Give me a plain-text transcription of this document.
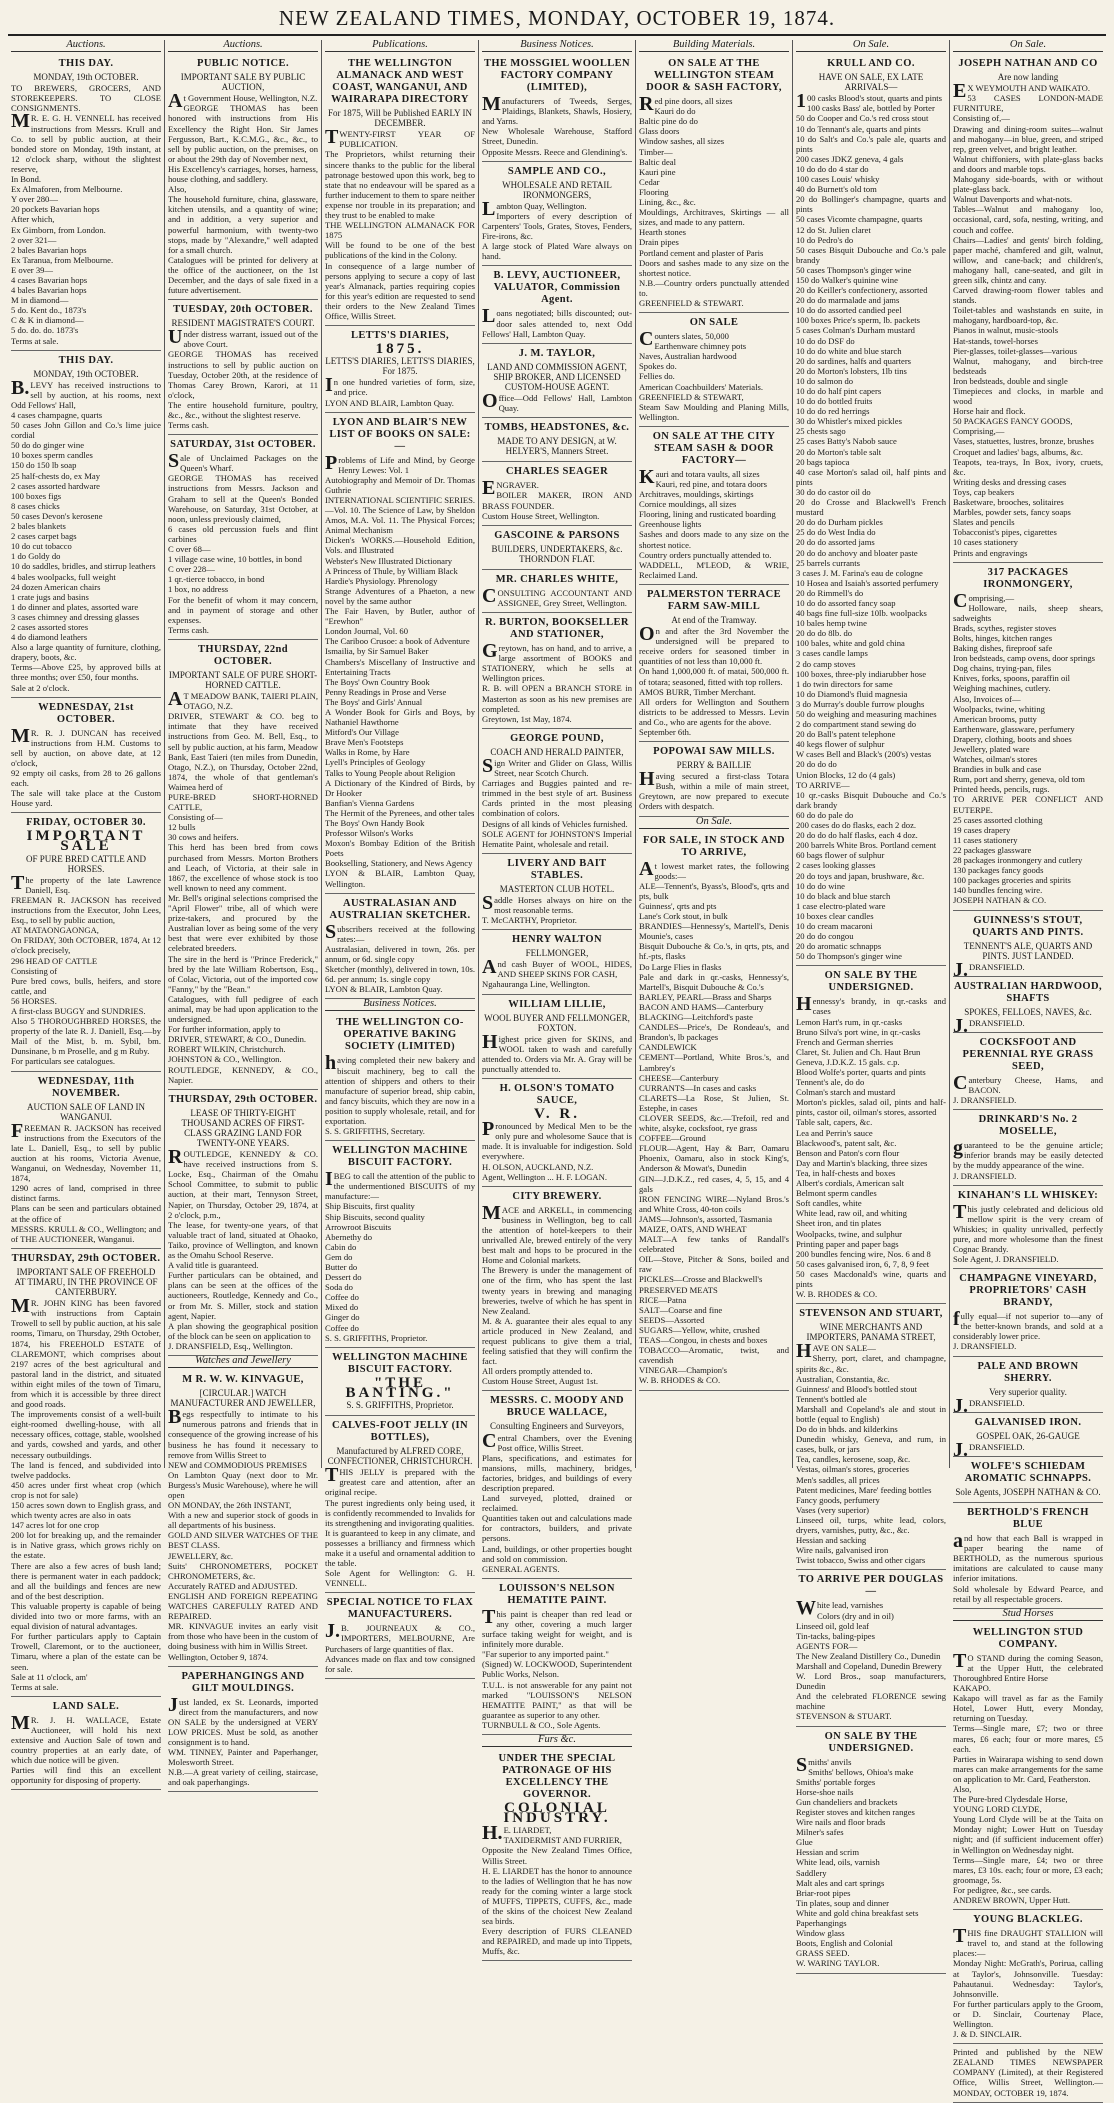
NEW ZEALAND TIMES, MONDAY, OCTOBER 19, 1874.
Auctions.
THIS DAY.
MONDAY, 19th OCTOBER.
TO BREWERS, GROCERS, AND STOREKEEPERS. TO CLOSE CONSIGNMENTS.
MR. E. G. H. VENNELL has received instructions from Messrs. Krull and Co. to sell by public auction, at their bonded store on Monday, 19th instant, at 12 o'clock sharp, without the slightest reserve,
In Bond.
Ex Almaforen, from Melbourne.
Y over 280—
20 pockets Bavarian hops
After which,
Ex Gimborn, from London.
2 over 321—
2 bales Bavarian hops
Ex Taranua, from Melbourne.
E over 39—
4 cases Bavarian hops
4 bales Bavarian hops
M in diamond—
5 do. Kent do., 1873's
C & K in diamond—
5 do. do. do. 1873's
Terms at sale.
THIS DAY.
MONDAY, 19th OCTOBER.
B.LEVY has received instructions to sell by auction, at his rooms, next Odd Fellows' Hall,
4 cases champagne, quarts
50 cases John Gillon and Co.'s lime juice cordial
50 do do ginger wine
10 boxes sperm candles
150 do 150 lb soap
25 half-chests do, ex May
2 cases assorted hardware
100 boxes figs
8 cases chicks
50 cases Devon's kerosene
2 bales blankets
2 cases carpet bags
10 do cut tobacco
1 do Goldy do
10 do saddles, bridles, and stirrup leathers
4 bales woolpacks, full weight
24 dozen American chairs
1 crate jugs and basins
1 do dinner and plates, assorted ware
3 cases chimney and dressing glasses
2 cases assorted stores
4 do diamond leathers
Also a large quantity of furniture, clothing, drapery, boots, &c.
Terms—Above £25, by approved bills at three months; over £50, four months.
Sale at 2 o'clock.
WEDNESDAY, 21st OCTOBER.
MR. R. J. DUNCAN has received instructions from H.M. Customs to sell by auction, on above date, at 12 o'clock,
92 empty oil casks, from 28 to 26 gallons each.
The sale will take place at the Custom House yard.
FRIDAY, OCTOBER 30.
IMPORTANT SALE
OF PURE BRED CATTLE AND HORSES.
The property of the late Lawrence Daniell, Esq.
FREEMAN R. JACKSON has received instructions from the Executor, John Lees, Esq., to sell by public auction,
AT MATAONGAONGA,
On FRIDAY, 30th OCTOBER, 1874, At 12 o'clock precisely,
296 HEAD OF CATTLE
Consisting of
Pure bred cows, bulls, heifers, and store cattle, and
56 HORSES.
A first-class BUGGY and SUNDRIES.
Also 5 THOROUGHBRED HORSES, the property of the late R. J. Daniell, Esq.—by Mail of the Mist, b. m. Sybil, bm. Dunsinane, b m Proselle, and g m Ruby.
For particulars see catalogues.
WEDNESDAY, 11th NOVEMBER.
AUCTION SALE OF LAND IN WANGANUI.
FREEMAN R. JACKSON has received instructions from the Executors of the late L. Daniell, Esq., to sell by public auction at his rooms, Victoria Avenue, Wanganui, on Wednesday, November 11, 1874,
1290 acres of land, comprised in three distinct farms.
Plans can be seen and particulars obtained at the office of
MESSRS. KRULL & CO., Wellington; and of THE AUCTIONEER, Wanganui.
THURSDAY, 29th OCTOBER.
IMPORTANT SALE OF FREEHOLD AT TIMARU, IN THE PROVINCE OF CANTERBURY.
MR. JOHN KING has been favored with instructions from Captain Trowell to sell by public auction, at his sale rooms, Timaru, on Thursday, 29th October, 1874, his FREEHOLD ESTATE of CLAREMONT, which comprises about 2197 acres of the best agricultural and pastoral land in the district, and situated within eight miles of the town of Timaru, from which it is accessible by three direct and good roads.
The improvements consist of a well-built eight-roomed dwelling-house, with all necessary offices, cottage, stable, woolshed and yards, cowshed and yards, and other necessary outbuildings.
The land is fenced, and subdivided into twelve paddocks.
450 acres under first wheat crop (which crop is not for sale)
150 acres sown down to English grass, and which twenty acres are also in oats
147 acres lot for one crop
200 lot for breaking up, and the remainder is in Native grass, which grows richly on the estate.
There are also a few acres of bush land; there is permanent water in each paddock; and all the buildings and fences are new and of the best description.
This valuable property is capable of being divided into two or more farms, with an equal division of natural advantages.
For further particulars apply to Captain Trowell, Claremont, or to the auctioneer, Timaru, where a plan of the estate can be seen.
Sale at 11 o'clock, am'
Terms at sale.
LAND SALE.
MR. J. H. WALLACE, Estate Auctioneer, will hold his next extensive and Auction Sale of town and country properties at an early date, of which due notice will be given.
Parties will find this an excellent opportunity for disposing of property.
Auctions.
PUBLIC NOTICE.
IMPORTANT SALE BY PUBLIC AUCTION,
At Government House, Wellington, N.Z.
GEORGE THOMAS has been honored with instructions from His Excellency the Right Hon. Sir James Fergusson, Bart., K.C.M.G., &c., &c., to sell by public auction, on the premises, on or about the 29th day of November next,
His Excellency's carriages, horses, harness, house clothing, and saddlery.
Also,
The household furniture, china, glassware, kitchen utensils, and a quantity of wine; and in addition, a very superior and powerful harmonium, with twenty-two stops, made by "Alexandre," well adapted for a small church.
Catalogues will be printed for delivery at the office of the auctioneer, on the 1st December, and the days of sale fixed in a future advertisement.
TUESDAY, 20th OCTOBER.
RESIDENT MAGISTRATE'S COURT.
Under distress warrant, issued out of the above Court.
GEORGE THOMAS has received instructions to sell by public auction on Tuesday, October 20th, at the residence of Thomas Carey Brown, Karori, at 11 o'clock,
The entire household furniture, poultry, &c., &c., without the slightest reserve.
Terms cash.
SATURDAY, 31st OCTOBER.
Sale of Unclaimed Packages on the Queen's Wharf.
GEORGE THOMAS has received instructions from Messrs. Jackson and Graham to sell at the Queen's Bonded Warehouse, on Saturday, 31st October, at noon, unless previously claimed,
6 cases old percussion fuels and flint carbines
C over 68—
1 village case wine, 10 bottles, in bond
C over 228—
1 qr.-tierce tobacco, in bond
1 box, no address
For the benefit of whom it may concern, and in payment of storage and other expenses.
Terms cash.
THURSDAY, 22nd OCTOBER.
IMPORTANT SALE OF PURE SHORT-HORNED CATTLE.
AT MEADOW BANK, TAIERI PLAIN, OTAGO, N.Z.
DRIVER, STEWART & CO. beg to intimate that they have received instructions from Geo. M. Bell, Esq., to sell by public auction, at his farm, Meadow Bank, East Taieri (ten miles from Dunedin, Otago, N.Z.), on Thursday, October 22nd, 1874, the whole of that gentleman's Waimea herd of
PURE-BRED SHORT-HORNED CATTLE,
Consisting of—
12 bulls
30 cows and heifers.
This herd has been bred from cows purchased from Messrs. Morton Brothers and Leach, of Victoria, at their sale in 1867, the excellence of whose stock is too well known to need any comment.
Mr. Bell's original selections comprised the "April Flower" tribe, all of which were prize-takers, and procured by the Australian lover as being some of the very best that were ever exhibited by those celebrated breeders.
The sire in the herd is "Prince Frederick," bred by the late William Robertson, Esq., of Colac, Victoria, out of the imported cow "Fanny," by the "Bean."
Catalogues, with full pedigree of each animal, may be had upon application to the undersigned.
For further information, apply to
DRIVER, STEWART, & CO., Dunedin.
ROBERT WILKIN, Christchurch.
JOHNSTON & CO., Wellington.
ROUTLEDGE, KENNEDY, & CO., Napier.
THURSDAY, 29th OCTOBER.
LEASE OF THIRTY-EIGHT THOUSAND ACRES OF FIRST-CLASS GRAZING LAND FOR TWENTY-ONE YEARS.
ROUTLEDGE, KENNEDY & CO. have received instructions from S. Locke, Esq., Chairman of the Omahu School Committee, to submit to public auction, at their mart, Tennyson Street, Napier, on Thursday, October 29, 1874, at 2 o'clock, p.m.,
The lease, for twenty-one years, of that valuable tract of land, situated at Ohaoko, Taiko, province of Wellington, and known as the Omahu School Reserve.
A valid title is guaranteed.
Further particulars can be obtained, and plans can be seen at the offices of the auctioneers, Routledge, Kennedy and Co., or from Mr. S. Miller, stock and station agent, Napier.
A plan showing the geographical position of the block can be seen on application to
J. DRANSFIELD, Esq., Wellington.
Watches and Jewellery
M R. W. W. KINVAGUE,
[CIRCULAR.] WATCH MANUFACTURER AND JEWELLER,
Begs respectfully to intimate to his numerous patrons and friends that in consequence of the growing increase of his business he has found it necessary to remove from Willis Street to
NEW and COMMODIOUS PREMISES
On Lambton Quay (next door to Mr. Burgess's Music Warehouse), where he will open
ON MONDAY, the 26th INSTANT,
With a new and superior stock of goods in all departments of his business.
GOLD AND SILVER WATCHES OF THE BEST CLASS.
JEWELLERY, &c.
Suits' CHRONOMETERS, POCKET CHRONOMETERS, &c.
Accurately RATED and ADJUSTED.
ENGLISH AND FOREIGN REPEATING WATCHES CAREFULLY RATED AND REPAIRED.
MR. KINVAGUE invites an early visit from those who have been in the custom of doing business with him in Willis Street.
Wellington, October 9, 1874.
PAPERHANGINGS AND GILT MOULDINGS.
Just landed, ex St. Leonards, imported direct from the manufacturers, and now ON SALE by the undersigned at VERY LOW PRICES. Must be sold, as another consignment is to hand.
WM. TINNEY, Painter and Paperhanger, Molesworth Street.
N.B.—A great variety of ceiling, staircase, and oak paperhangings.
Publications.
THE WELLINGTON ALMANACK AND WEST COAST, WANGANUI, AND WAIRARAPA DIRECTORY
For 1875, Will be Published EARLY IN DECEMBER.
TWENTY-FIRST YEAR OF PUBLICATION.
The Proprietors, whilst returning their sincere thanks to the public for the liberal patronage bestowed upon this work, beg to state that no endeavour will be spared as a further inducement to them to spare neither expense nor trouble in its preparation; and they trust to be enabled to make
THE WELLINGTON ALMANACK FOR 1875
Will be found to be one of the best publications of the kind in the Colony.
In consequence of a large number of persons applying to secure a copy of last year's Almanack, parties requiring copies for this year's edition are requested to send their orders to the New Zealand Times Office, Willis Street.
LETTS'S DIARIES,
1875.
LETTS'S DIARIES, LETTS'S DIARIES, For 1875.
In one hundred varieties of form, size, and price.
LYON AND BLAIR, Lambton Quay.
LYON AND BLAIR'S NEW LIST OF BOOKS ON SALE:—
Problems of Life and Mind, by George Henry Lewes: Vol. 1
Autobiography and Memoir of Dr. Thomas Guthrie
INTERNATIONAL SCIENTIFIC SERIES.—Vol. 10. The Science of Law, by Sheldon Amos, M.A. Vol. 11. The Physical Forces; Animal Mechanism
Dicken's WORKS.—Household Edition, Vols. and Illustrated
Webster's New Illustrated Dictionary
A Princess of Thule, by William Black
Hardie's Physiology. Phrenology
Strange Adventures of a Phaeton, a new novel by the same author
The Fair Haven, by Butler, author of "Erewhon"
London Journal, Vol. 60
The Cariboo Crusoe: a book of Adventure
Ismailia, by Sir Samuel Baker
Chambers's Miscellany of Instructive and Entertaining Tracts
The Boys' Own Country Book
Penny Readings in Prose and Verse
The Boys' and Girls' Annual
A Wonder Book for Girls and Boys, by Nathaniel Hawthorne
Mitford's Our Village
Brave Men's Footsteps
Walks in Rome, by Hare
Lyell's Principles of Geology
Talks to Young People about Religion
A Dictionary of the Kindred of Birds, by Dr Hooker
Banfian's Vienna Gardens
The Hermit of the Pyrenees, and other tales
The Boys' Own Handy Book
Professor Wilson's Works
Moxon's Bombay Edition of the British Poets
Bookselling, Stationery, and News Agency
LYON & BLAIR, Lambton Quay, Wellington.
AUSTRALASIAN AND AUSTRALIAN SKETCHER.
Subscribers received at the following rates:—
Australasian, delivered in town, 26s. per annum, or 6d. single copy
Sketcher (monthly), delivered in town, 10s. 6d. per annum; 1s. single copy
LYON & BLAIR, Lambton Quay.
Business Notices.
THE WELLINGTON CO-OPERATIVE BAKING SOCIETY (LIMITED)
having completed their new bakery and biscuit machinery, beg to call the attention of shippers and others to their manufacture of superior bread, ship cabin, and fancy biscuits, which they are now in a position to supply wholesale, retail, and for exportation.
S. S. GRIFFITHS, Secretary.
WELLINGTON MACHINE BISCUIT FACTORY.
IBEG to call the attention of the public to the undermentioned BISCUITS of my manufacture:—
Ship Biscuits, first quality
Ship Biscuits, second quality
Arrowroot Biscuits
Abernethy do
Cabin do
Gem do
Butter do
Dessert do
Soda do
Coffee do
Mixed do
Ginger do
Coffee do
S. S. GRIFFITHS, Proprietor.
WELLINGTON MACHINE BISCUIT FACTORY.
"THE BANTING."
S. S. GRIFFITHS, Proprietor.
CALVES-FOOT JELLY (IN BOTTLES),
Manufactured by ALFRED CORE, CONFECTIONER, CHRISTCHURCH.
THIS JELLY is prepared with the greatest care and attention, after an original recipe.
The purest ingredients only being used, it is confidently recommended to Invalids for its strengthening and invigorating qualities.
It is guaranteed to keep in any climate, and possesses a brilliancy and firmness which make it a useful and ornamental addition to the table.
Sole Agent for Wellington: G. H. VENNELL.
SPECIAL NOTICE TO FLAX MANUFACTURERS.
J.B. JOURNEAUX & CO., IMPORTERS, MELBOURNE, Are Purchasers of large quantities of flax.
Advances made on flax and tow consigned for sale.
Business Notices.
THE MOSSGIEL WOOLLEN FACTORY COMPANY (LIMITED),
Manufacturers of Tweeds, Serges, Plaidings, Blankets, Shawls, Hosiery, and Yarns.
New Wholesale Warehouse, Stafford Street, Dunedin.
Opposite Messrs. Reece and Glendining's.
SAMPLE AND CO.,
WHOLESALE AND RETAIL IRONMONGERS,
Lambton Quay, Wellington.
Importers of every description of Carpenters' Tools, Grates, Stoves, Fenders, Fire-irons, &c.
A large stock of Plated Ware always on hand.
B. LEVY, AUCTIONEER, VALUATOR, Commission Agent.
Loans negotiated; bills discounted; out-door sales attended to, next Odd Fellows' Hall, Lambton Quay.
J. M. TAYLOR,
LAND AND COMMISSION AGENT, SHIP BROKER, AND LICENSED CUSTOM-HOUSE AGENT.
Office—Odd Fellows' Hall, Lambton Quay.
TOMBS, HEADSTONES, &c.
MADE TO ANY DESIGN, at W. HELYER'S, Manners Street.
CHARLES SEAGER
ENGRAVER.
BOILER MAKER, IRON AND BRASS FOUNDER.
Custom House Street, Wellington.
GASCOINE & PARSONS
BUILDERS, UNDERTAKERS, &c. THORNDON FLAT.
MR. CHARLES WHITE,
CONSULTING ACCOUNTANT AND ASSIGNEE, Grey Street, Wellington.
R. BURTON, BOOKSELLER AND STATIONER,
Greytown, has on hand, and to arrive, a large assortment of BOOKS and STATIONERY, which he sells at Wellington prices.
R. B. will OPEN a BRANCH STORE in Masterton as soon as his new premises are completed.
Greytown, 1st May, 1874.
GEORGE POUND,
COACH AND HERALD PAINTER,
Sign Writer and Glider on Glass, Willis Street, near Scotch Church.
Carriages and Buggies painted and re-trimmed in the best style of art. Business Cards printed in the most pleasing combination of colors.
Designs of all kinds of Vehicles furnished.
SOLE AGENT for JOHNSTON'S Imperial Hematite Paint, wholesale and retail.
LIVERY AND BAIT STABLES.
MASTERTON CLUB HOTEL.
Saddle Horses always on hire on the most reasonable terms.
T. McCARTHY, Proprietor.
HENRY WALTON
FELLMONGER,
And cash Buyer of WOOL, HIDES, AND SHEEP SKINS FOR CASH,
Ngahauranga Line, Wellington.
WILLIAM LILLIE,
WOOL BUYER AND FELLMONGER, FOXTON.
Highest price given for SKINS, and WOOL taken to wash and carefully attended to. Orders via Mr. A. Gray will be punctually attended to.
H. OLSON'S TOMATO SAUCE,
V. R.
Pronounced by Medical Men to be the only pure and wholesome Sauce that is made. It is invaluable for indigestion. Sold everywhere.
H. OLSON, AUCKLAND, N.Z.
Agent, Wellington ... H. F. LOGAN.
CITY BREWERY.
MACE and ARKELL, in commencing business in Wellington, beg to call the attention of hotel-keepers to their unrivalled Ale, brewed entirely of the very best malt and hops to be procured in the Home and Colonial markets.
The Brewery is under the management of one of the firm, who has spent the last twenty years in brewing and managing breweries, twelve of which he has spent in New Zealand.
M. & A. guarantee their ales equal to any article produced in New Zealand, and request publicans to give them a trial, feeling satisfied that they will confirm the fact.
All orders promptly attended to.
Custom House Street, August 1st.
MESSRS. C. MOODY AND BRUCE WALLACE,
Consulting Engineers and Surveyors,
Central Chambers, over the Evening Post office, Willis Street.
Plans, specifications, and estimates for mansions, mills, machinery, bridges, factories, bridges, and buildings of every description prepared.
Land surveyed, plotted, drained or reclaimed.
Quantities taken out and calculations made for contractors, builders, and private persons.
Land, buildings, or other properties bought and sold on commission.
GENERAL AGENTS.
LOUISSON'S NELSON HEMATITE PAINT.
This paint is cheaper than red lead or any other, covering a much larger surface taking weight for weight, and is infinitely more durable.
"Far superior to any imported paint."
(Signed) W. LOCKWOOD, Superintendent Public Works, Nelson.
T.U.L. is not answerable for any paint not marked "LOUISSON'S NELSON HEMATITE PAINT," as that will be guarantee as superior to any other.
TURNBULL & CO., Sole Agents.
Furs &c.
UNDER THE SPECIAL PATRONAGE OF HIS EXCELLENCY THE GOVERNOR.
COLONIAL INDUSTRY.
H.E. LIARDET,
TAXIDERMIST AND FURRIER,
Opposite the New Zealand Times Office, Willis Street.
H. E. LIARDET has the honor to announce to the ladies of Wellington that he has now ready for the coming winter a large stock of MUFFS, TIPPETS, CUFFS, &c., made of the skins of the choicest New Zealand sea birds.
Every description of FURS CLEANED and REPAIRED, and made up into Tippets, Muffs, &c.
Building Materials.
ON SALE AT THE WELLINGTON STEAM DOOR & SASH FACTORY,
Red pine doors, all sizes
Kauri do do
Baltic pine do do
Glass doors
Window sashes, all sizes
Timber—
Baltic deal
Kauri pine
Cedar
Flooring
Lining, &c., &c.
Mouldings, Architraves, Skirtings — all sizes, and made to any pattern.
Hearth stones
Drain pipes
Portland cement and plaster of Paris
Doors and sashes made to any size on the shortest notice.
N.B.—Country orders punctually attended to.
GREENFIELD & STEWART.
ON SALE
Counters slates, 50,000
Earthenware chimney pots
Naves, Australian hardwood
Spokes do.
Fellies do.
American Coachbuilders' Materials.
GREENFIELD & STEWART,
Steam Saw Moulding and Planing Mills, Wellington.
ON SALE AT THE CITY STEAM SASH & DOOR FACTORY—
Kauri and totara vaults, all sizes
Kauri, red pine, and totara doors
Architraves, mouldings, skirtings
Cornice mouldings, all sizes
Flooring, lining and rusticated boarding
Greenhouse lights
Sashes and doors made to any size on the shortest notice.
Country orders punctually attended to.
WADDELL, M'LEOD, & WRIE, Reclaimed Land.
PALMERSTON TERRACE FARM SAW-MILL
At end of the Tramway.
On and after the 3rd November the undersigned will be prepared to receive orders for seasoned timber in quantities of not less than 10,000 ft.
On hand 1,000,000 ft. of matai, 500,000 ft. of totara; seasoned, fitted with top rollers.
AMOS BURR, Timber Merchant.
All orders for Wellington and Southern districts to be addressed to Messrs. Levin and Co., who are agents for the above.
September 6th.
POPOWAI SAW MILLS.
PERRY & BAILLIE
Having secured a first-class Totara Bush, within a mile of main street, Greytown, are now prepared to execute Orders with despatch.
On Sale.
FOR SALE, IN STOCK AND TO ARRIVE,
At lowest market rates, the following goods:—
ALE—Tennent's, Byass's, Blood's, qrts and pts, bulk
Guinness', qrts and pts
Lane's Cork stout, in bulk
BRANDIES—Hennessy's, Martell's, Denis Mounie's, cases
Bisquit Dubouche & Co.'s, in qrts, pts, and hf.-pts, flasks
Do Large Flies in flasks
Pale and dark in qr.-casks, Hennessy's, Martell's, Bisquit Dubouche & Co.'s
BARLEY, PEARL—Brass and Sharps
BACON AND HAMS—Canterbury
BLACKING—Leitchford's paste
CANDLES—Price's, De Rondeau's, and Brandon's, lb packages
CANDLEWICK
CEMENT—Portland, White Bros.'s, and Lambrey's
CHEESE—Canterbury
CURRANTS—In cases and casks
CLARETS—La Rose, St Julien, St. Estephe, in cases
CLOVER SEEDS, &c.—Trefoil, red and white, alsyke, cocksfoot, rye grass
COFFEE—Ground
FLOUR—Agent, Hay & Barr, Oamaru Phoenix, Oamaru, also in stock King's, Anderson & Mowat's, Dunedin
GIN—J.D.K.Z., red cases, 4, 5, 15, and 4 gals
IRON FENCING WIRE—Nyland Bros.'s and White Cross, 40-ton coils
JAMS—Johnson's, assorted, Tasmania
MAIZE, OATS, AND WHEAT
MALT—A few tanks of Randall's celebrated
OIL—Stove, Pitcher & Sons, boiled and raw
PICKLES—Crosse and Blackwell's
PRESERVED MEATS
RICE—Patna
SALT—Coarse and fine
SEEDS—Assorted
SUGARS—Yellow, white, crushed
TEAS—Congou, in chests and boxes
TOBACCO—Aromatic, twist, and cavendish
VINEGAR—Champion's
W. B. RHODES & CO.
On Sale.
KRULL AND CO.
HAVE ON SALE, EX LATE ARRIVALS—
100 casks Blood's stout, quarts and pints
100 casks Bass' ale, bottled by Porter
50 do Cooper and Co.'s red cross stout
10 do Tennant's ale, quarts and pints
10 do Salt's and Co.'s pale ale, quarts and pints
200 cases JDKZ geneva, 4 gals
10 do do do 4 star do
100 cases Louis' whisky
40 do Burnett's old tom
20 do Bollinger's champagne, quarts and pints
50 cases Vicomte champagne, quarts
12 do St. Julien claret
10 do Pedro's do
50 cases Bisquit Dubouche and Co.'s pale brandy
50 cases Thompson's ginger wine
150 do Walker's quinine wine
20 do Keiller's confectionery, assorted
20 do do marmalade and jams
10 do do assorted candied peel
100 boxes Price's sperm, lb. packets
5 cases Colman's Durham mustard
10 do do DSF do
10 do do white and blue starch
20 do sardines, halfs and quarters
20 do Morton's lobsters, 1lb tins
10 do salmon do
10 do do half pint capers
10 do do bottled fruits
10 do do red herrings
30 do Whistler's mixed pickles
25 chests sago
25 cases Batty's Nabob sauce
20 do Morton's table salt
20 bags tapioca
40 case Morton's salad oil, half pints and pints
30 do do castor oil do
20 do Crosse and Blackwell's French mustard
20 do do Durham pickles
25 do do West India do
20 do do assorted jams
20 do do anchovy and bloater paste
25 barrels currants
3 cases J. M. Farina's eau de cologne
10 Hosea and Isaiah's assorted perfumery
20 do Rimmell's do
10 do do assorted fancy soap
40 bags fine full-size 10lb. woolpacks
10 bales hemp twine
20 do do 8lb. do
100 bales, white and gold china
3 cases candle lamps
2 do camp stoves
100 boxes, three-ply indiarubber hose
1 do twin directors for same
10 do Diamond's fluid magnesia
3 do Murray's double furrow ploughs
50 do weighing and measuring machines
2 do compartment stand sewing do
20 do Ball's patent telephone
40 kegs flower of sulphur
W cases Bell and Black's (200's) vestas
20 do do do
Union Blocks, 12 do (4 gals)
TO ARRIVE—
10 qr.-casks Bisquit Dubouche and Co.'s dark brandy
60 do do pale do
200 cases do do flasks, each 2 doz.
20 do do do half flasks, each 4 doz.
200 barrels White Bros. Portland cement
60 bags flower of sulphur
2 cases looking glasses
20 do toys and japan, brushware, &c.
10 do do wine
10 do black and blue starch
1 case electro-plated ware
10 boxes clear candles
10 do cream macaroni
20 do do congou
20 do aromatic schnapps
50 do Thompson's ginger wine
ON SALE BY THE UNDERSIGNED.
Hennessy's brandy, in qr.-casks and cases
Lemon Hart's rum, in qr.-casks
Bruno Silva's port wine, in qr.-casks
French and German sherries
Claret, St. Julien and Ch. Haut Brun
Geneva, J.D.K.Z. 15 gals. c.p.
Blood Wolfe's porter, quarts and pints
Tennent's ale, do do
Colman's starch and mustard
Morton's pickles, salad oil, pints and half-pints, castor oil, oilman's stores, assorted
Table salt, capers, &c.
Lea and Perrin's sauce
Blackwood's, patent salt, &c.
Benson and Paton's corn flour
Day and Martin's blacking, three sizes
Tea, in half-chests and boxes
Albert's cordials, American salt
Belmont sperm candles
Soft candles, white
White lead, raw oil, and whiting
Sheet iron, and tin plates
Woolpacks, twine, and sulphur
Printing paper and paper bags
200 bundles fencing wire, Nos. 6 and 8
50 cases galvanised iron, 6, 7, 8, 9 feet
50 cases Macdonald's wine, quarts and pints
W. B. RHODES & CO.
STEVENSON AND STUART,
WINE MERCHANTS AND IMPORTERS, PANAMA STREET,
HAVE ON SALE—
Sherry, port, claret, and champagne, spirits &c., &c.
Australian, Constantia, &c.
Guinness' and Blood's bottled stout
Tennent's bottled ale
Marshall and Copeland's ale and stout in bottle (equal to English)
Do do in bhds. and kilderkins
Dunedin whisky, Geneva, and rum, in cases, bulk, or jars
Tea, candles, kerosene, soap, &c.
Vestas, oilman's stores, groceries
Men's saddles, all prices
Patent medicines, Mare' feeding bottles
Fancy goods, perfumery
Vases (very superior)
Linseed oil, turps, white lead, colors, dryers, varnishes, putty, &c., &c.
Hessian and sacking
Wire nails, galvanised iron
Twist tobacco, Swiss and other cigars
TO ARRIVE PER DOUGLAS—
White lead, varnishes
Colors (dry and in oil)
Linseed oil, gold leaf
Tin-tacks, baling-pipes
AGENTS FOR—
The New Zealand Distillery Co., Dunedin
Marshall and Copeland, Dunedin Brewery
W. Lord Bros., soap manufacturers, Dunedin
And the celebrated FLORENCE sewing machine
STEVENSON & STUART.
ON SALE BY THE UNDERSIGNED.
Smiths' anvils
Smiths' bellows, Ohioa's make
Smiths' portable forges
Horse-shoe nails
Gun chandeliers and brackets
Register stoves and kitchen ranges
Wire nails and floor brads
Milner's safes
Glue
Hessian and scrim
White lead, oils, varnish
Saddlery
Malt ales and cart springs
Briar-root pipes
Tin plates, soup and dinner
White and gold china breakfast sets
Paperhangings
Window glass
Boots, English and Colonial
GRASS SEED.
W. WARING TAYLOR.
On Sale.
JOSEPH NATHAN AND CO
Are now landing
EX WEYMOUTH AND WAIKATO.
53 CASES LONDON-MADE FURNITURE,
Consisting of,—
Drawing and dining-room suites—walnut and mahogany—in blue, green, and striped rep, green velvet, and bright leather.
Walnut chiffoniers, with plate-glass backs and doors and marble tops.
Mahogany side-boards, with or without plate-glass back.
Walnut Davenports and what-nots.
Tables—Walnut and mahogany loo, occasional, card, sofa, nesting, writing, and couch and coffee.
Chairs—Ladies' and gents' birch folding, paper maché, chamfered and gilt, walnut, willow, and cane-back; and children's, mahogany hall, cane-seated, and gilt in green silk, chintz and cany.
Carved drawing-room flower tables and stands.
Toilet-tables and washstands en suite, in mahogany, hardboard-top, &c.
Pianos in walnut, music-stools
Hat-stands, towel-horses
Pier-glasses, toilet-glasses—various
Walnut, mahogany, and birch-tree bedsteads
Iron bedsteads, double and single
Timepieces and clocks, in marble and wood
Horse hair and flock.
50 PACKAGES FANCY GOODS,
Comprising,—
Vases, statuettes, lustres, bronze, brushes
Croquet and ladies' bags, albums, &c.
Teapots, tea-trays, In Box, ivory, cruets, &c.
Writing desks and dressing cases
Toys, cap beakers
Basketware, brooches, solitaires
Marbles, powder sets, fancy soaps
Slates and pencils
Tobacconist's pipes, cigarettes
10 cases stationery
Prints and engravings
317 PACKAGES IRONMONGERY,
Comprising,—
Holloware, nails, sheep shears, sadweights
Brads, scythes, register stoves
Bolts, hinges, kitchen ranges
Baking dishes, fireproof safe
Iron bedsteads, camp ovens, door springs
Dog chains, trying-pan, files
Knives, forks, spoons, paraffin oil
Weighing machines, cutlery.
Also, Invoices of—
Woolpacks, twine, whiting
American brooms, putty
Earthenware, glassware, perfumery
Drapery, clothing, boots and shoes
Jewellery, plated ware
Watches, oilman's stores
Brandies in bulk and case
Rum, port and sherry, geneva, old tom
Printed heeds, pencils, rugs.
TO ARRIVE PER CONFLICT AND EUTERPE.
25 cases assorted clothing
19 cases drapery
11 cases stationery
22 packages glassware
28 packages ironmongery and cutlery
130 packages fancy goods
100 packages groceries and spirits
140 bundles fencing wire.
JOSEPH NATHAN & CO.
GUINNESS'S STOUT, QUARTS AND PINTS.
TENNENT'S ALE, QUARTS AND PINTS. JUST LANDED.
J.DRANSFIELD.
AUSTRALIAN HARDWOOD, SHAFTS
SPOKES, FELLOES, NAVES, &c.
J.DRANSFIELD.
COCKSFOOT AND PERENNIAL RYE GRASS SEED,
Canterbury Cheese, Hams, and BACON.
J. DRANSFIELD.
DRINKARD'S No. 2 MOSELLE,
guaranteed to be the genuine article; inferior brands may be easily detected by the muddy appearance of the wine.
J. DRANSFIELD.
KINAHAN'S LL WHISKEY:
This justly celebrated and delicious old mellow spirit is the very cream of Whiskies; in quality unrivalled, perfectly pure, and more wholesome than the finest Cognac Brandy.
Sole Agent, J. DRANSFIELD.
CHAMPAGNE VINEYARD, PROPRIETORS' CASH BRANDY,
fully equal—if not superior to—any of the better-known brands, and sold at a considerably lower price.
J. DRANSFIELD.
PALE AND BROWN SHERRY.
Very superior quality.
J.DRANSFIELD.
GALVANISED IRON.
GOSPEL OAK, 26-GAUGE
J.DRANSFIELD.
WOLFE'S SCHIEDAM AROMATIC SCHNAPPS.
Sole Agents, JOSEPH NATHAN & CO.
BERTHOLD'S FRENCH BLUE
and how that each Ball is wrapped in paper bearing the name of BERTHOLD, as the numerous spurious imitations are calculated to cause many inferior imitations.
Sold wholesale by Edward Pearce, and retail by all respectable grocers.
Stud Horses
WELLINGTON STUD COMPANY.
TO STAND during the coming Season, at the Upper Hutt, the celebrated Thoroughbred Entire Horse
KAKAPO.
Kakapo will travel as far as the Family Hotel, Lower Hutt, every Monday, returning on Tuesday.
Terms—Single mare, £7; two or three mares, £6 each; four or more mares, £5 each.
Parties in Wairarapa wishing to send down mares can make arrangements for the same on application to Mr. Card, Featherston.
Also,
The Pure-bred Clydesdale Horse,
YOUNG LORD CLYDE,
Young Lord Clyde will be at the Taita on Monday night; Lower Hutt on Tuesday night; and (if sufficient inducement offer) in Wellington on Wednesday night.
Terms—Single mare, £4; two or three mares, £3 10s. each; four or more, £3 each; groomage, 5s.
For pedigree, &c., see cards.
ANDREW BROWN, Upper Hutt.
YOUNG BLACKLEG.
THIS fine DRAUGHT STALLION will travel to, and stand at the following places:—
Monday Night: McGrath's, Porirua, calling at Taylor's, Johnsonville. Tuesday: Pahautanui. Wednesday: Taylor's, Johnsonville.
For further particulars apply to the Groom, or D. Sinclair, Courtenay Place, Wellington.
J. & D. SINCLAIR.
Printed and published by the NEW ZEALAND TIMES NEWSPAPER COMPANY (Limited), at their Registered Office, Willis Street, Wellington.—MONDAY, OCTOBER 19, 1874.
